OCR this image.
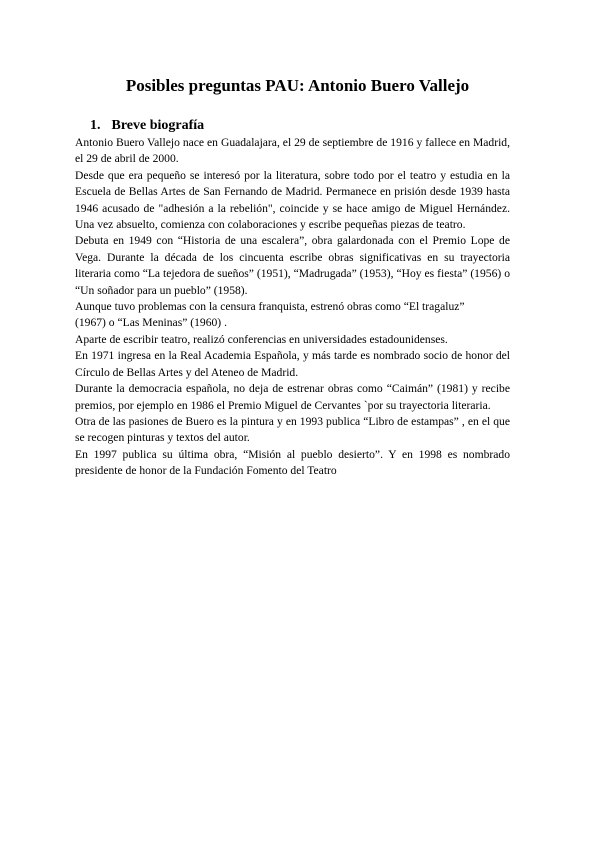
Posibles preguntas PAU: Antonio Buero Vallejo
1. Breve biografía

Antonio Buero Vallejo nace en Guadalajara, el 29 de septiembre de 1916 y fallece en Madrid, el 29 de abril de 2000.

Desde que era pequeño se interesó por la literatura, sobre todo por el teatro y estudia en la Escuela de Bellas Artes de San Fernando de Madrid. Permanece en prisión desde 1939 hasta 1946 acusado de "adhesión a la rebelión", coincide y se hace amigo de Miguel Hernández. Una vez absuelto, comienza con colaboraciones y escribe pequeñas piezas de teatro.

Debuta en 1949 con “Historia de una escalera”, obra galardonada con el Premio Lope de Vega. Durante la década de los cincuenta escribe obras significativas en su trayectoria literaria como “La tejedora de sueños” (1951), “Madrugada” (1953), “Hoy es fiesta” (1956) o “Un soñador para un pueblo” (1958).

Aunque tuvo problemas con la censura franquista, estrenó obras como “El tragaluz”

(1967) o “Las Meninas” (1960) .

Aparte de escribir teatro, realizó conferencias en universidades estadounidenses.

En 1971 ingresa en la Real Academia Española, y más tarde es nombrado socio de honor del Círculo de Bellas Artes y del Ateneo de Madrid.

Durante la democracia española, no deja de estrenar obras como “Caimán” (1981) y recibe premios, por ejemplo en 1986 el Premio Miguel de Cervantes `por su trayectoria literaria.

Otra de las pasiones de Buero es la pintura y en 1993 publica “Libro de estampas” , en el que se recogen pinturas y textos del autor.

En 1997 publica su última obra, “Misión al pueblo desierto”. Y en 1998 es nombrado presidente de honor de la Fundación Fomento del Teatro
